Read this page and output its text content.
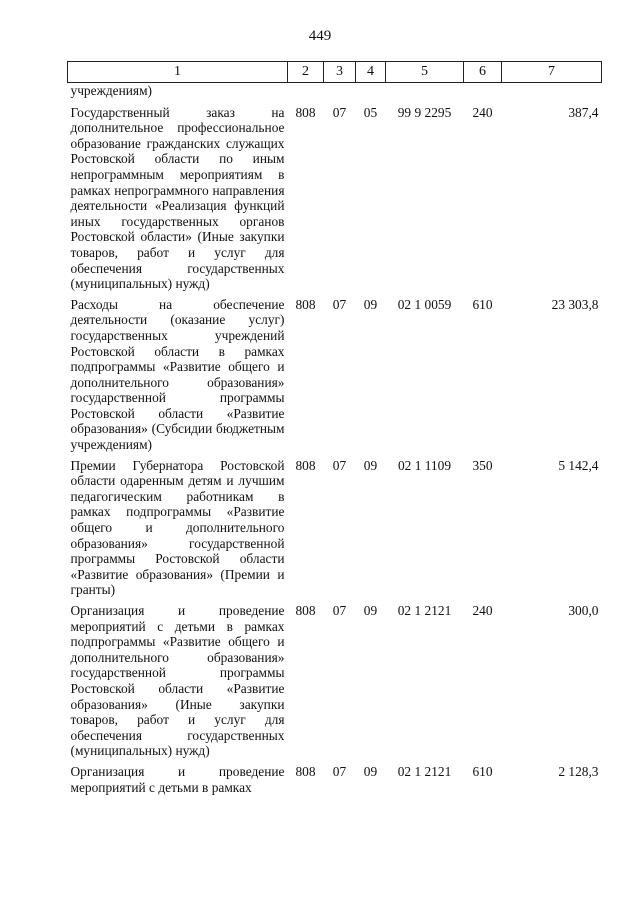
449
1	2	3	4	5	6	7
учреждениям)						
Государственный заказ на дополнительное профессиональное образование гражданских служащих Ростовской области по иным непрограммным мероприятиям в рамках непрограммного направления деятельности «Реализация функций иных государственных органов Ростовской области» (Иные закупки товаров, работ и услуг для обеспечения государственных (муниципальных) нужд)	808	07	05	99 9 2295	240	387,4
Расходы на обеспечение деятельности (оказание услуг) государственных учреждений Ростовской области в рамках подпрограммы «Развитие общего и дополнительного образования» государственной программы Ростовской области «Развитие образования» (Субсидии бюджетным учреждениям)	808	07	09	02 1 0059	610	23 303,8
Премии Губернатора Ростовской области одаренным детям и лучшим педагогическим работникам в рамках подпрограммы «Развитие общего и дополнительного образования» государственной программы Ростовской области «Развитие образования» (Премии и гранты)	808	07	09	02 1 1109	350	5 142,4
Организация и проведение мероприятий с детьми в рамках подпрограммы «Развитие общего и дополнительного образования» государственной программы Ростовской области «Развитие образования» (Иные закупки товаров, работ и услуг для обеспечения государственных (муниципальных) нужд)	808	07	09	02 1 2121	240	300,0
Организация и проведение мероприятий с детьми в рамках	808	07	09	02 1 2121	610	2 128,3
